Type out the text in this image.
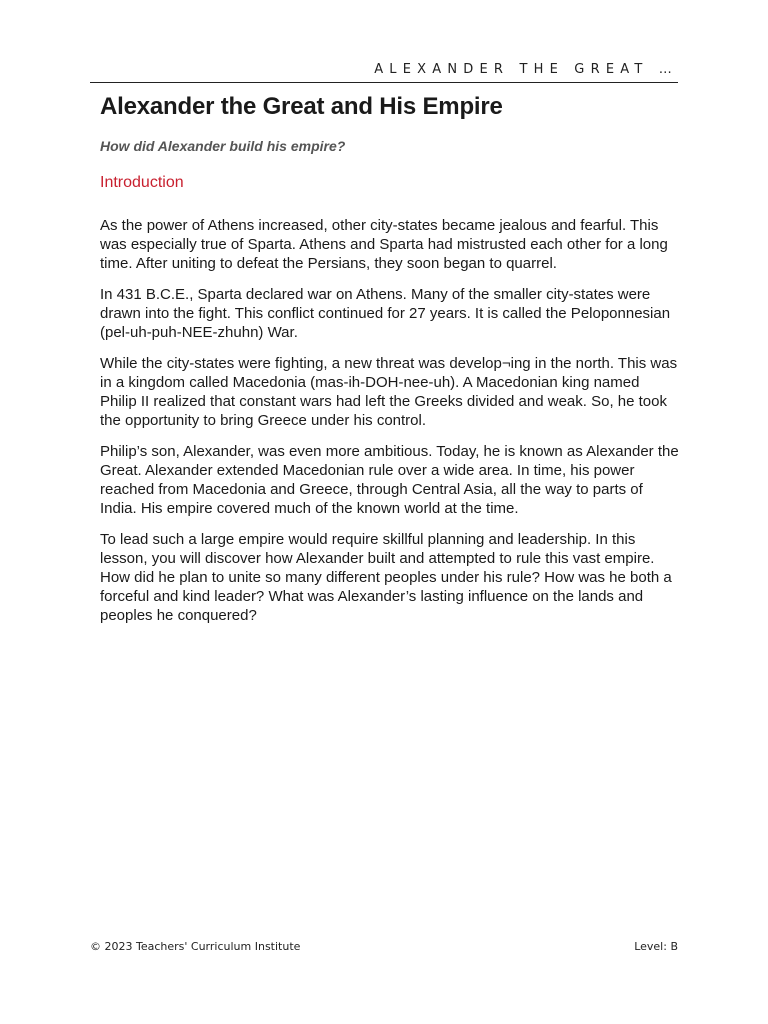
ALEXANDER THE GREAT …
Alexander the Great and His Empire

How did Alexander build his empire?

Introduction

As the power of Athens increased, other city-states became jealous and fearful. This was especially true of Sparta. Athens and Sparta had mistrusted each other for a long time. After uniting to defeat the Persians, they soon began to quarrel.

In 431 B.C.E., Sparta declared war on Athens. Many of the smaller city-states were drawn into the fight. This conflict continued for 27 years. It is called the Peloponnesian (pel-uh-puh-NEE-zhuhn) War.

While the city-states were fighting, a new threat was develop¬ing in the north. This was in a kingdom called Macedonia (mas-ih-DOH-nee-uh). A Macedonian king named Philip II realized that constant wars had left the Greeks divided and weak. So, he took the opportunity to bring Greece under his control.

Philip’s son, Alexander, was even more ambitious. Today, he is known as Alexander the Great. Alexander extended Macedonian rule over a wide area. In time, his power reached from Macedonia and Greece, through Central Asia, all the way to parts of India. His empire covered much of the known world at the time.

To lead such a large empire would require skillful planning and leadership. In this lesson, you will discover how Alexander built and attempted to rule this vast empire. How did he plan to unite so many different peoples under his rule? How was he both a forceful and kind leader? What was Alexander’s lasting influence on the lands and peoples he conquered?

© 2023 Teachers' Curriculum Institute	Level: B
